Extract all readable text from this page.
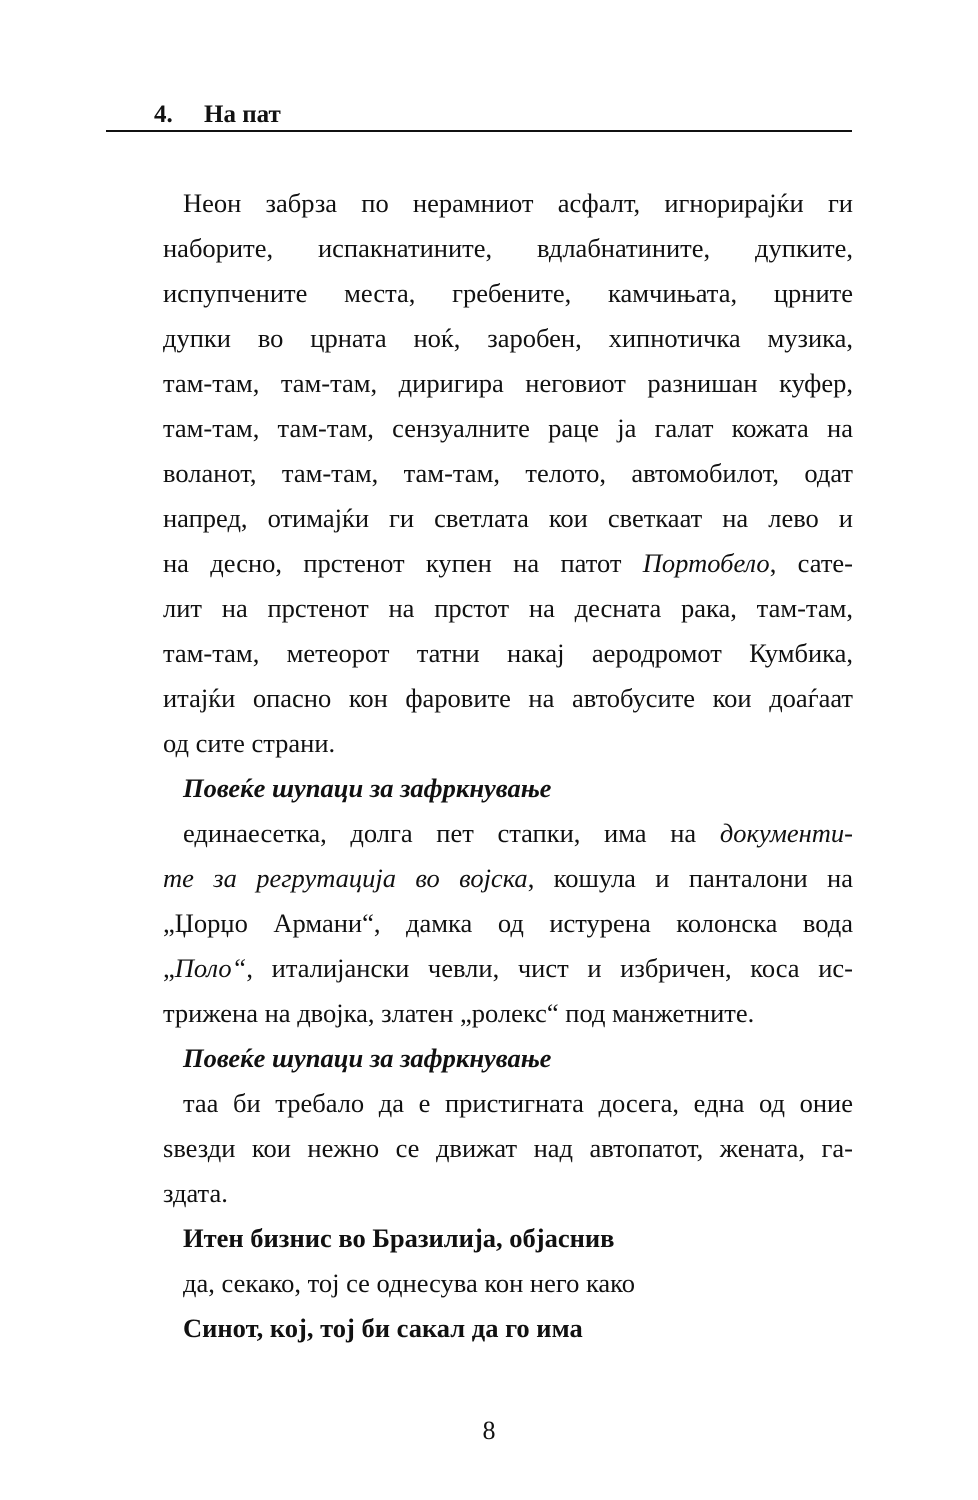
4. На пат
Неон забрза по нерамниот асфалт, игнорирајќи ги
наборите, испакнатините, вдлабнатините, дупките,
испупчените места, гребените, камчињата, црните
дупки во црната ноќ, заробен, хипнотичка музика,
там-там, там-там, диригира неговиот разнишан куфер,
там-там, там-там, сензуалните раце ја галат кожата на
воланот, там-там, там-там, телото, автомобилот, одат
напред, отимајќи ги светлата кои светкаат на лево и
на десно, прстенот купен на патот Портобело, сате-
лит на прстенот на прстот на десната рака, там-там,
там-там, метеорот татни накај аеродромот Кумбика,
итајќи опасно кон фаровите на автобусите кои доаѓаат
од сите страни.
Повеќе шупаци за зафркнување
единаесетка, долга пет стапки, има на документи-
те за регрутација во војска, кошула и панталони на
„Џорџо Армани“, дамка од истурена колонска вода
„Поло“, италијански чевли, чист и избричен, коса ис-
трижена на двојка, златен „ролекс“ под манжетните.
Повеќе шупаци за зафркнување
таа би требало да е пристигната досега, една од оние
ѕвезди кои нежно се движат над автопатот, жената, га-
здата.
Итен бизнис во Бразилија, објаснив
да, секако, тој се однесува кон него како
Синот, кој, тој би сакал да го има
8
